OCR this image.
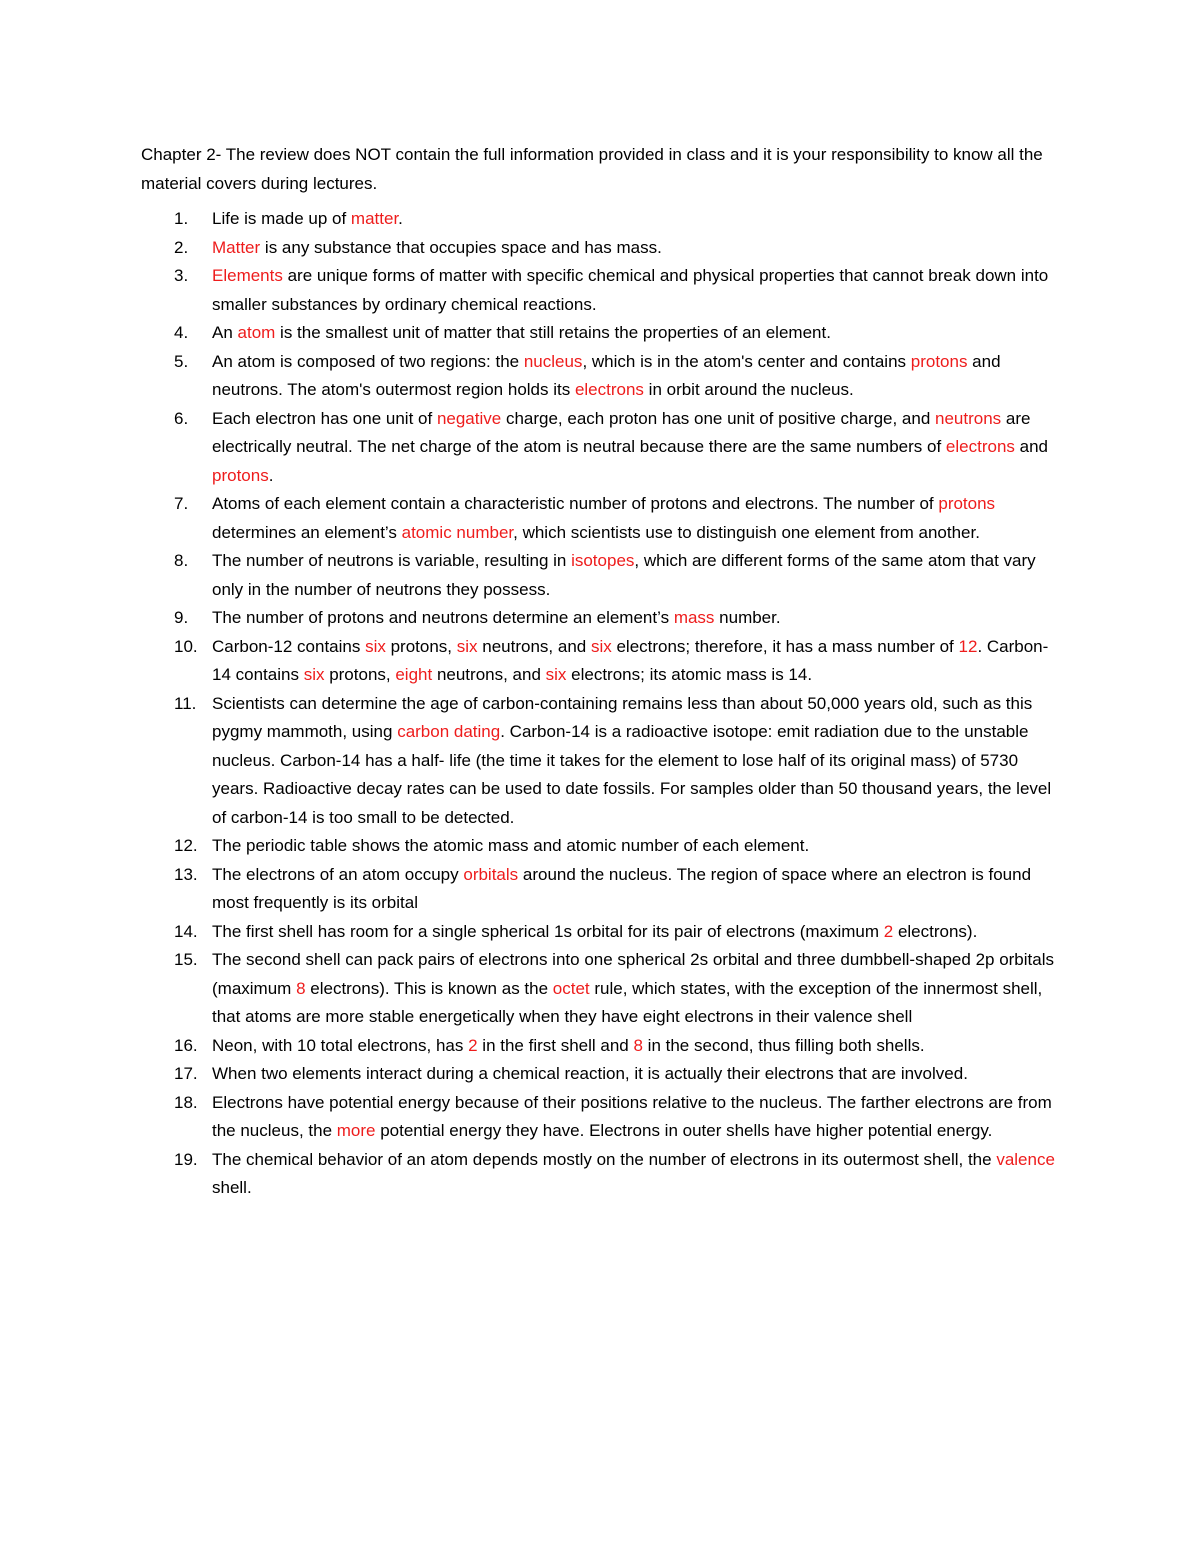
Chapter 2- The review does NOT contain the full information provided in class and it is your responsibility to know all the material covers during lectures.

1. Life is made up of matter.
2. Matter is any substance that occupies space and has mass.
3. Elements are unique forms of matter with specific chemical and physical properties that cannot break down into smaller substances by ordinary chemical reactions.
4. An atom is the smallest unit of matter that still retains the properties of an element.
5. An atom is composed of two regions: the nucleus, which is in the atom's center and contains protons and neutrons. The atom's outermost region holds its electrons in orbit around the nucleus.
6. Each electron has one unit of negative charge, each proton has one unit of positive charge, and neutrons are electrically neutral. The net charge of the atom is neutral because there are the same numbers of electrons and protons.
7. Atoms of each element contain a characteristic number of protons and electrons. The number of protons determines an element’s atomic number, which scientists use to distinguish one element from another.
8. The number of neutrons is variable, resulting in isotopes, which are different forms of the same atom that vary only in the number of neutrons they possess.
9. The number of protons and neutrons determine an element’s mass number.
10. Carbon-12 contains six protons, six neutrons, and six electrons; therefore, it has a mass number of 12. Carbon-14 contains six protons, eight neutrons, and six electrons; its atomic mass is 14.
11. Scientists can determine the age of carbon-containing remains less than about 50,000 years old, such as this pygmy mammoth, using carbon dating. Carbon-14 is a radioactive isotope: emit radiation due to the unstable nucleus. Carbon-14 has a half- life (the time it takes for the element to lose half of its original mass) of 5730 years. Radioactive decay rates can be used to date fossils. For samples older than 50 thousand years, the level of carbon-14 is too small to be detected.
12. The periodic table shows the atomic mass and atomic number of each element.
13. The electrons of an atom occupy orbitals around the nucleus. The region of space where an electron is found most frequently is its orbital
14. The first shell has room for a single spherical 1s orbital for its pair of electrons (maximum 2 electrons).
15. The second shell can pack pairs of electrons into one spherical 2s orbital and three dumbbell-shaped 2p orbitals (maximum 8 electrons). This is known as the octet rule, which states, with the exception of the innermost shell, that atoms are more stable energetically when they have eight electrons in their valence shell
16. Neon, with 10 total electrons, has 2 in the first shell and 8 in the second, thus filling both shells.
17. When two elements interact during a chemical reaction, it is actually their electrons that are involved.
18. Electrons have potential energy because of their positions relative to the nucleus. The farther electrons are from the nucleus, the more potential energy they have. Electrons in outer shells have higher potential energy.
19. The chemical behavior of an atom depends mostly on the number of electrons in its outermost shell, the valence shell.
